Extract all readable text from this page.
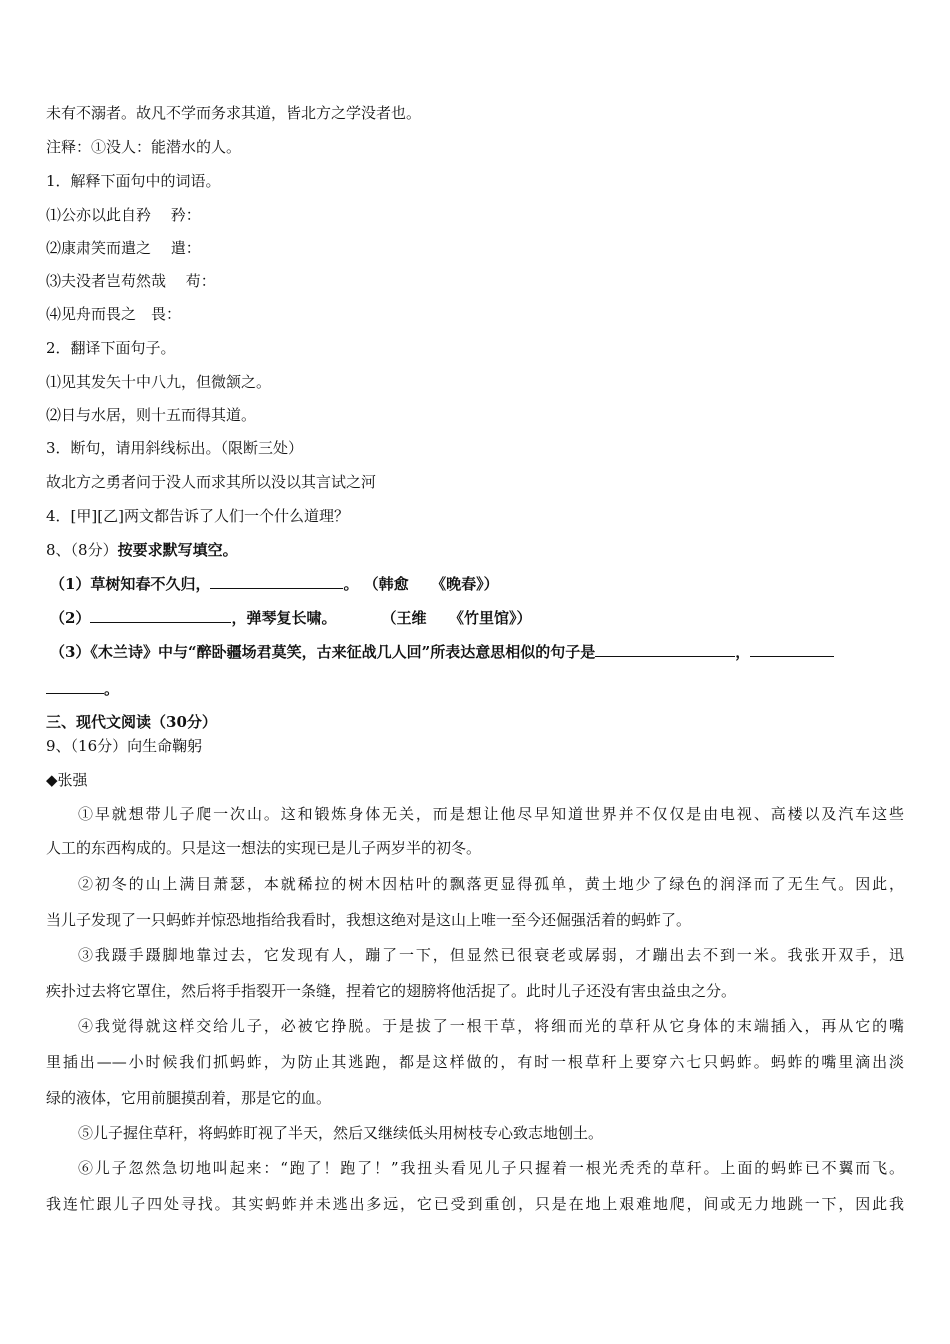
未有不溺者。故凡不学而务求其道，皆北方之学没者也。
注释：①没人：能潜水的人。
1．解释下面句中的词语。
⑴公亦以此自矜　 矜：
⑵康肃笑而遣之　 遣：
⑶夫没者岂苟然哉　 苟：
⑷见舟而畏之　畏：
2．翻译下面句子。
⑴见其发矢十中八九，但微颔之。
⑵日与水居，则十五而得其道。
3．断句，请用斜线标出。（限断三处）
故北方之勇者问于没人而求其所以没以其言试之河
4．[甲][乙]两文都告诉了人们一个什么道理？
8、（8分）按要求默写填空。
（1）草树知春不久归，	。 （韩愈　　《晚春》）
（2）	，弹琴复长啸。　　　　（王维　　《竹里馆》）
（3）《木兰诗》中与“醉卧疆场君莫笑，古来征战几人回”所表达意思相似的句子是	，
。
三、现代文阅读（30分）
9、（16分）向生命鞠躬
◆张强
①早就想带儿子爬一次山。这和锻炼身体无关，而是想让他尽早知道世界并不仅仅是由电视、高楼以及汽车这些
人工的东西构成的。只是这一想法的实现已是儿子两岁半的初冬。
②初冬的山上满目萧瑟，本就稀拉的树木因枯叶的飘落更显得孤单，黄土地少了绿色的润泽而了无生气。因此，
当儿子发现了一只蚂蚱并惊恐地指给我看时，我想这绝对是这山上唯一至今还倔强活着的蚂蚱了。
③我蹑手蹑脚地靠过去，它发现有人，蹦了一下，但显然已很衰老或孱弱，才蹦出去不到一米。我张开双手，迅
疾扑过去将它罩住，然后将手指裂开一条缝，捏着它的翅膀将他活捉了。此时儿子还没有害虫益虫之分。
④我觉得就这样交给儿子，必被它挣脱。于是拔了一根干草，将细而光的草秆从它身体的末端插入，再从它的嘴
里插出——小时候我们抓蚂蚱，为防止其逃跑，都是这样做的，有时一根草秆上要穿六七只蚂蚱。蚂蚱的嘴里滴出淡
绿的液体，它用前腿摸刮着，那是它的血。
⑤儿子握住草秆，将蚂蚱盯视了半天，然后又继续低头用树枝专心致志地刨土。
⑥儿子忽然急切地叫起来：“跑了！跑了！”我扭头看见儿子只握着一根光秃秃的草秆。上面的蚂蚱已不翼而飞。
我连忙跟儿子四处寻找。其实蚂蚱并未逃出多远，它已受到重创，只是在地上艰难地爬，间或无力地跳一下，因此我
